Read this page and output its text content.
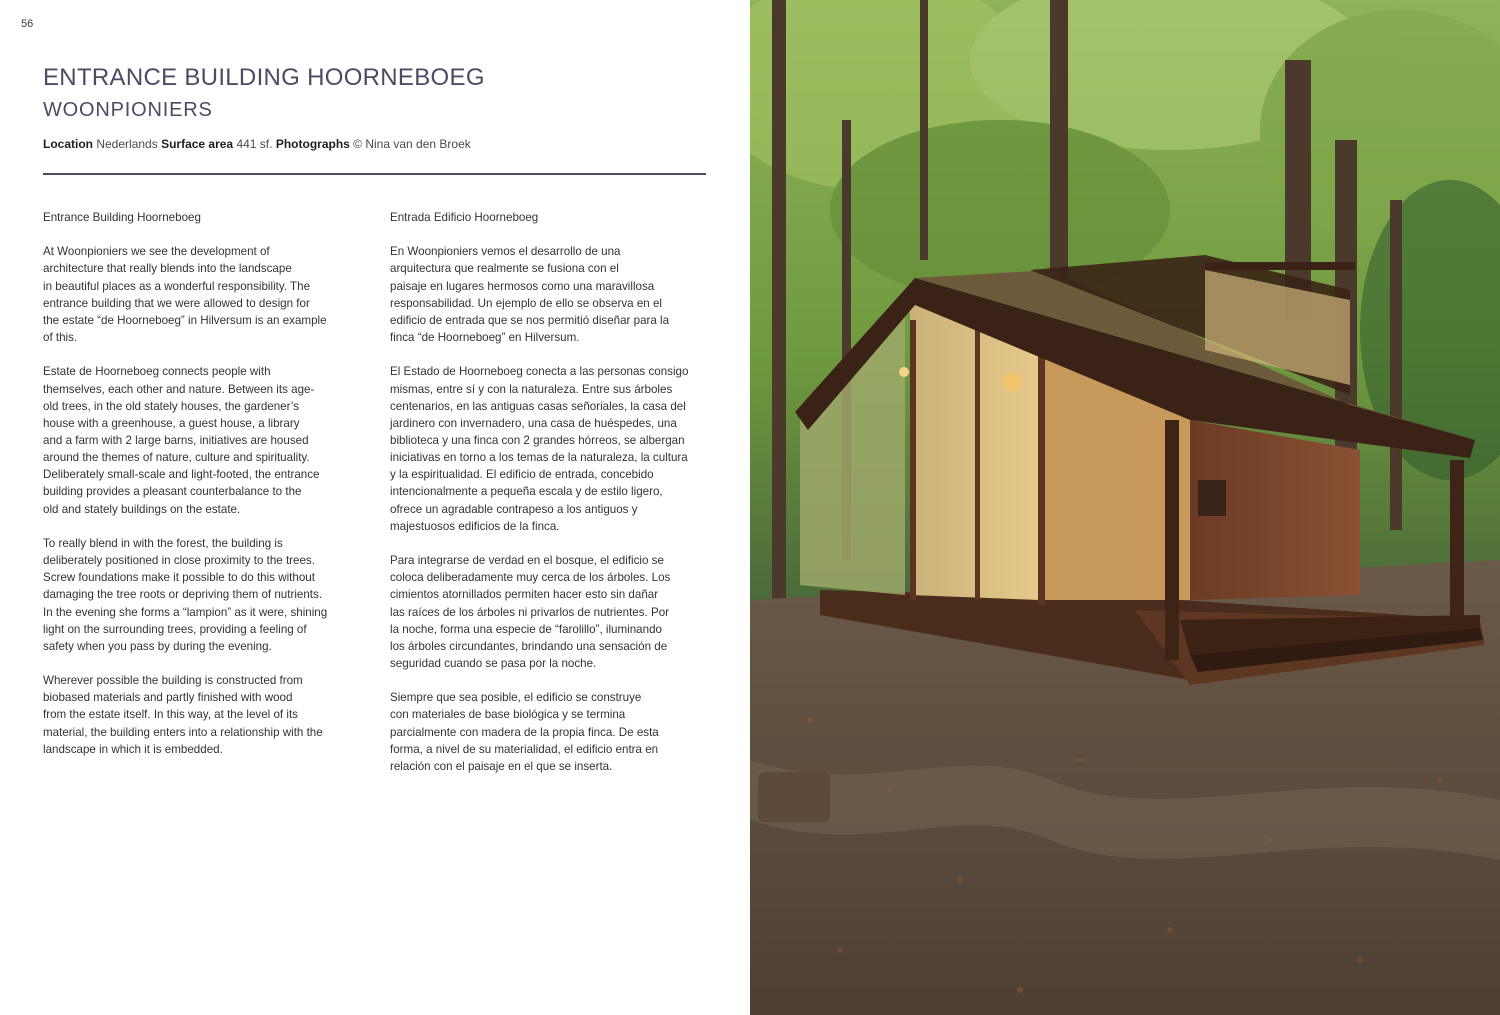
56
ENTRANCE BUILDING HOORNEBOEG
WOONPIONIERS
Location Nederlands Surface area 441 sf. Photographs © Nina van den Broek

Entrance Building Hoorneboeg

At Woonpioniers we see the development of
architecture that really blends into the landscape
in beautiful places as a wonderful responsibility. The
entrance building that we were allowed to design for
the estate “de Hoorneboeg” in Hilversum is an example
of this.

Estate de Hoorneboeg connects people with
themselves, each other and nature. Between its age-
old trees, in the old stately houses, the gardener’s
house with a greenhouse, a guest house, a library
and a farm with 2 large barns, initiatives are housed
around the themes of nature, culture and spirituality.
Deliberately small-scale and light-footed, the entrance
building provides a pleasant counterbalance to the
old and stately buildings on the estate.

To really blend in with the forest, the building is
deliberately positioned in close proximity to the trees.
Screw foundations make it possible to do this without
damaging the tree roots or depriving them of nutrients.
In the evening she forms a “lampion” as it were, shining
light on the surrounding trees, providing a feeling of
safety when you pass by during the evening.

Wherever possible the building is constructed from
biobased materials and partly finished with wood
from the estate itself. In this way, at the level of its
material, the building enters into a relationship with the
landscape in which it is embedded.

Entrada Edificio Hoorneboeg

En Woonpioniers vemos el desarrollo de una
arquitectura que realmente se fusiona con el
paisaje en lugares hermosos como una maravillosa
responsabilidad. Un ejemplo de ello se observa en el
edificio de entrada que se nos permitió diseñar para la
finca “de Hoorneboeg” en Hilversum.

El Estado de Hoorneboeg conecta a las personas consigo
mismas, entre sí y con la naturaleza. Entre sus árboles
centenarios, en las antiguas casas señoriales, la casa del
jardinero con invernadero, una casa de huéspedes, una
biblioteca y una finca con 2 grandes hórreos, se albergan
iniciativas en torno a los temas de la naturaleza, la cultura
y la espiritualidad. El edificio de entrada, concebido
intencionalmente a pequeña escala y de estilo ligero,
ofrece un agradable contrapeso a los antiguos y
majestuosos edificios de la finca.

Para integrarse de verdad en el bosque, el edificio se
coloca deliberadamente muy cerca de los árboles. Los
cimientos atornillados permiten hacer esto sin dañar
las raíces de los árboles ni privarlos de nutrientes. Por
la noche, forma una especie de “farolillo”, iluminando
los árboles circundantes, brindando una sensación de
seguridad cuando se pasa por la noche.

Siempre que sea posible, el edificio se construye
con materiales de base biológica y se termina
parcialmente con madera de la propia finca. De esta
forma, a nivel de su materialidad, el edificio entra en
relación con el paisaje en el que se inserta.
